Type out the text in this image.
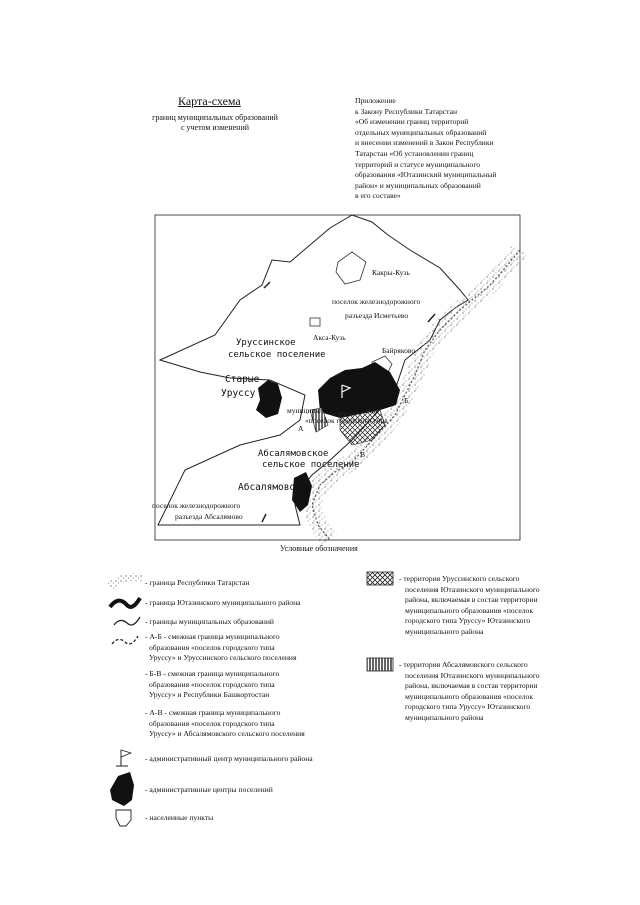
Карта-схема
границ муниципальных образований
с учетом изменений
Приложение
к Закону Республики Татарстан
«Об изменении границ территорий
отдельных муниципальных образований
и внесении изменений в Закон Республики
Татарстан «Об установлении границ
территорий и статусе муниципального
образования «Ютазинский муниципальный
район» и муниципальных образований
в его составе»
Какры-Кузь
поселок железнодорожного
разъезда Исметьево
Акса-Кузь
Уруссинское
сельское поселение	Байряково
Старые
Уруссу
муниципальное образование
«поселок городского типа
А
Б
В
Абсалямовское
сельское поселение
Абсалямово
поселок железнодорожного
разъезда Абсалямово
Условные обозначения
- граница Республики Татарстан
- граница Ютазинского муниципального района
- границы муниципальных образований
- А-Б - смежная граница муниципального
образования «поселок городского типа
Уруссу» и Уруссинского сельского поселения
- Б-В - смежная граница муниципального
образования «поселок городского типа
Уруссу» и Республики Башкортостан
- А-В - смежная граница муниципального
образования «поселок городского типа
Уруссу» и Абсалямовского сельского поселения
- административный центр муниципального района
- административные центры поселений
- населенные пункты
- территория Уруссинского сельского
поселения Ютазинского муниципального
района, включаемая в состав территории
муниципального образования «поселок
городского типа Уруссу» Ютазинского
муниципального района
- территория Абсалямовского сельского
поселения Ютазинского муниципального
района, включаемая в состав территории
муниципального образования «поселок
городского типа Уруссу» Ютазинского
муниципального района
